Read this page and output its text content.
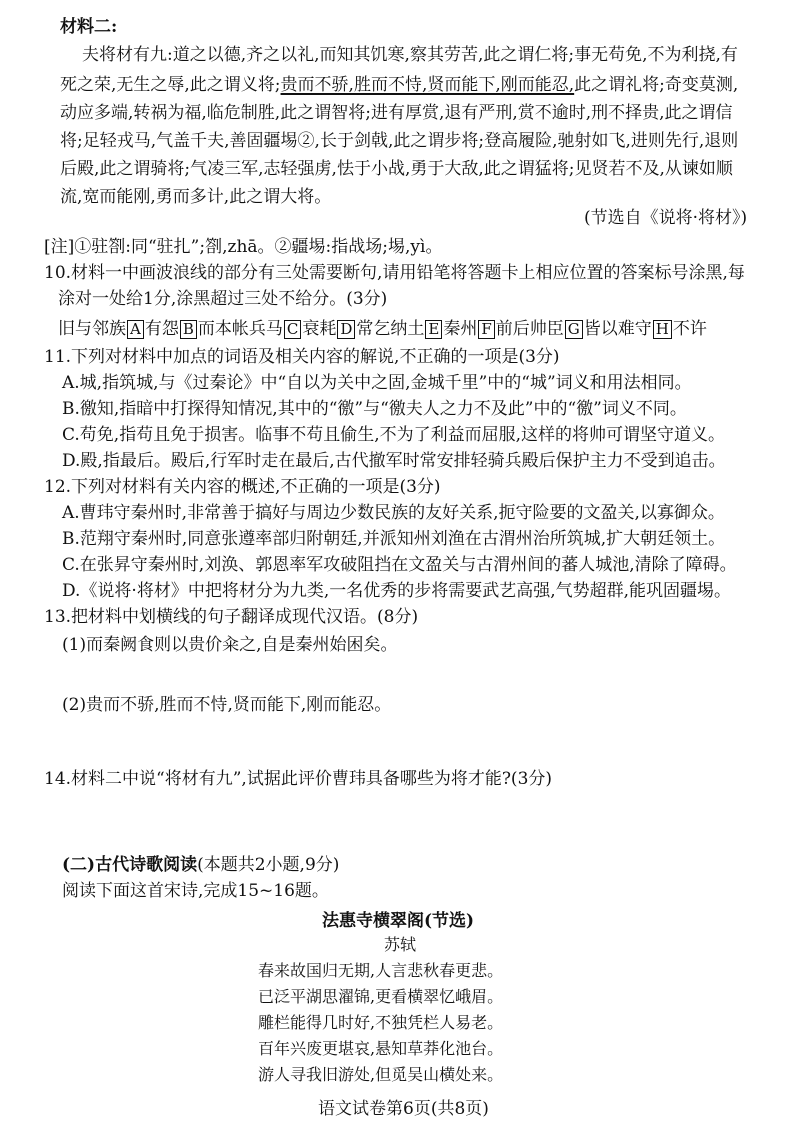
材料二:
夫将材有九:道之以德,齐之以礼,而知其饥寒,察其劳苦,此之谓仁将;事无苟免,不为利挠,有
死之荣,无生之辱,此之谓义将;贵而不骄,胜而不恃,贤而能下,刚而能忍,此之谓礼将;奇变莫测,
动应多端,转祸为福,临危制胜,此之谓智将;进有厚赏,退有严刑,赏不逾时,刑不择贵,此之谓信
将;足轻戎马,气盖千夫,善固疆埸②,长于剑戟,此之谓步将;登高履险,驰射如飞,进则先行,退则
后殿,此之谓骑将;气凌三军,志轻强虏,怯于小战,勇于大敌,此之谓猛将;见贤若不及,从谏如顺
流,宽而能刚,勇而多计,此之谓大将。
(节选自《说将·将材》)
[注]①驻劄:同“驻扎”;劄,zhā。②疆埸:指战场;埸,yì。
10.材料一中画波浪线的部分有三处需要断句,请用铅笔将答题卡上相应位置的答案标号涂黑,每
涂对一处给1分,涂黑超过三处不给分。(3分)
旧与邻族 A 有怨 B 而本帐兵马 C 衰耗 D 常乞纳土 E 秦州 F 前后帅臣 G 皆以难守 H 不许
11.下列对材料中加点的词语及相关内容的解说,不正确的一项是(3分)
A.城,指筑城,与《过秦论》中“自以为关中之固,金城千里”中的“城”词义和用法相同。
B.徼知,指暗中打探得知情况,其中的“徼”与“徼夫人之力不及此”中的“徼”词义不同。
C.苟免,指苟且免于损害。临事不苟且偷生,不为了利益而屈服,这样的将帅可谓坚守道义。
D.殿,指最后。殿后,行军时走在最后,古代撤军时常安排轻骑兵殿后保护主力不受到追击。
12.下列对材料有关内容的概述,不正确的一项是(3分)
A.曹玮守秦州时,非常善于搞好与周边少数民族的友好关系,扼守险要的文盈关,以寡御众。
B.范翔守秦州时,同意张遵率部归附朝廷,并派知州刘渔在古渭州治所筑城,扩大朝廷领土。
C.在张昇守秦州时,刘涣、郭恩率军攻破阻挡在文盈关与古渭州间的蕃人城池,清除了障碍。
D.《说将·将材》中把将材分为九类,一名优秀的步将需要武艺高强,气势超群,能巩固疆埸。
13.把材料中划横线的句子翻译成现代汉语。(8分)
(1)而秦阙食则以贵价籴之,自是秦州始困矣。
(2)贵而不骄,胜而不恃,贤而能下,刚而能忍。
14.材料二中说“将材有九”,试据此评价曹玮具备哪些为将才能?(3分)
(二)古代诗歌阅读(本题共2小题,9分)
阅读下面这首宋诗,完成15~16题。
法惠寺横翠阁(节选)
苏轼
春来故国归无期,人言悲秋春更悲。
已泛平湖思濯锦,更看横翠忆峨眉。
雕栏能得几时好,不独凭栏人易老。
百年兴废更堪哀,悬知草莽化池台。
游人寻我旧游处,但觅吴山横处来。
语文试卷第6页(共8页)
